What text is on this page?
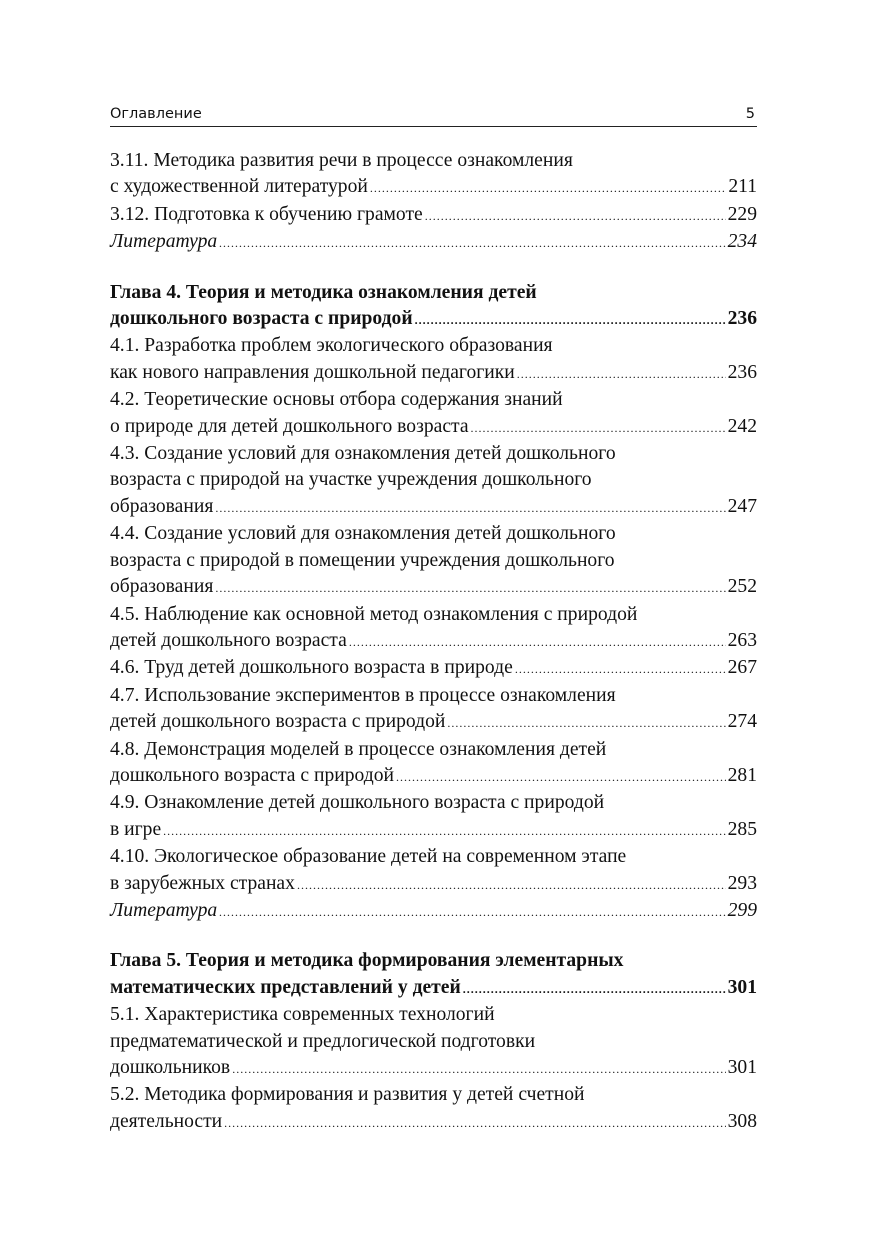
Оглавление	5
3.11. Методика развития речи в процессе ознакомления
с художественной литературой .....	211
3.12. Подготовка к обучению грамоте .....	229
Литература .....	234
Глава 4. Теория и методика ознакомления детей
дошкольного возраста с природой .....	236
4.1. Разработка проблем экологического образования
как нового направления дошкольной педагогики .....	236
4.2. Теоретические основы отбора содержания знаний
о природе для детей дошкольного возраста .....	242
4.3. Создание условий для ознакомления детей дошкольного
возраста с природой на участке учреждения дошкольного
образования .....	247
4.4. Создание условий для ознакомления детей дошкольного
возраста с природой в помещении учреждения дошкольного
образования .....	252
4.5. Наблюдение как основной метод ознакомления с природой
детей дошкольного возраста .....	263
4.6. Труд детей дошкольного возраста в природе .....	267
4.7. Использование экспериментов в процессе ознакомления
детей дошкольного возраста с природой .....	274
4.8. Демонстрация моделей в процессе ознакомления детей
дошкольного возраста с природой .....	281
4.9. Ознакомление детей дошкольного возраста с природой
в игре .....	285
4.10. Экологическое образование детей на современном этапе
в зарубежных странах .....	293
Литература .....	299
Глава 5. Теория и методика формирования элементарных
математических представлений у детей .....	301
5.1. Характеристика современных технологий
предматематической и предлогической подготовки
дошкольников .....	301
5.2. Методика формирования и развития у детей счетной
деятельности .....	308
